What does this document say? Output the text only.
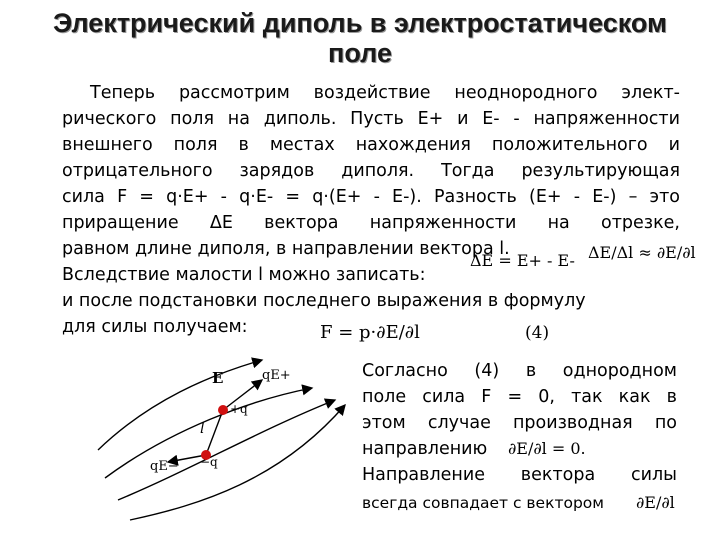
Электрический диполь в электростатическом
поле
Теперь рассмотрим воздействие неоднородного элект-
рического поля на диполь. Пусть E+ и E- - напряженности
внешнего поля в местах нахождения положительного и
отрицательного зарядов диполя. Тогда результирующая
сила F = q·E+ - q·E- = q·(E+ - E-). Разность (E+ - E-) – это
приращение ΔE вектора напряженности на отрезке,
равном длине диполя, в направлении вектора l.
Вследствие малости l можно записать:
и после подстановки последнего выражения в формулу
для силы получаем:
ΔE = E+ - E- ΔE/Δl ≈ ∂E/∂l
F = p·∂E/∂l	(4)
Согласно (4) в однородном
поле сила F = 0, так как в
этом случае производная по
направлению ∂E/∂l = 0.
Направление вектора силы
всегда совпадает с вектором ∂E/∂l
E	qE+
+q
l
qE− −q
